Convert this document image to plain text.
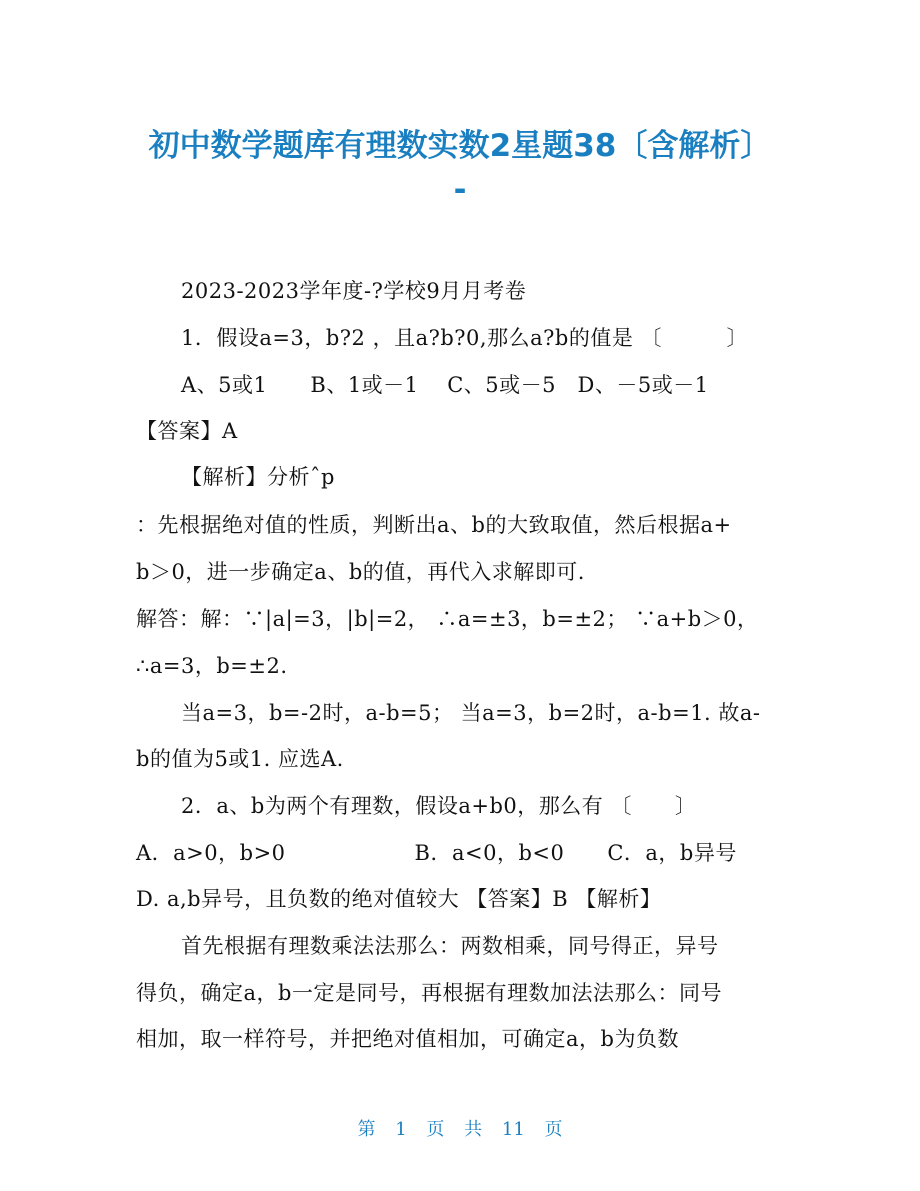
初中数学题库有理数实数2星题38〔含解析〕
-
2023-2023学年度-?学校9月月考卷
1．假设a=3，b?2 ，且a?b?0,那么a?b的值是 〔　　　〕
A、5或1　　B、1或－1　 C、5或－5　D、－5或－1
【答案】A
【解析】分析ˆp
：先根据绝对值的性质，判断出a、b的大致取值，然后根据a+
b＞0，进一步确定a、b的值，再代入求解即可.
解答：解：∵|a|=3，|b|=2， ∴a=±3，b=±2； ∵a+b＞0，
∴a=3，b=±2.
当a=3，b=-2时，a-b=5； 当a=3，b=2时，a-b=1. 故a-
b的值为5或1. 应选A.
2．a、b为两个有理数，假设a+b0，那么有 〔　　〕
A．a>0，b>0　　　　　　B．a<0，b<0　　C．a，b异号
D. a,b异号，且负数的绝对值较大 【答案】B 【解析】
首先根据有理数乘法法那么：两数相乘，同号得正，异号
得负，确定a，b一定是同号，再根据有理数加法法那么：同号
相加，取一样符号，并把绝对值相加，可确定a，b为负数
第 1 页 共 11 页
